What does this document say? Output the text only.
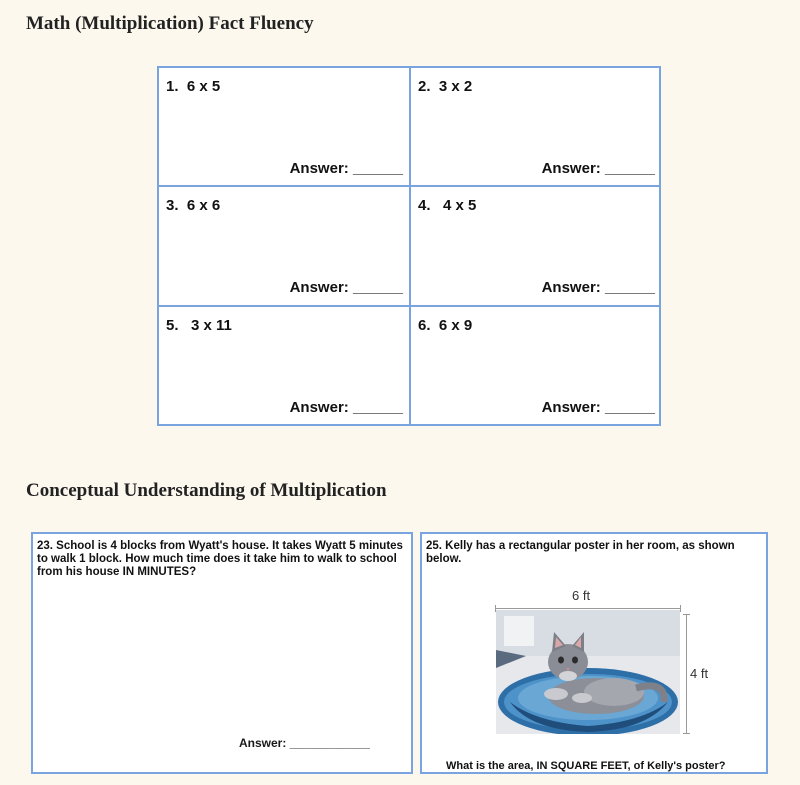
Math (Multiplication) Fact Fluency
1.  6 x 5
Answer: ______
2.  3 x 2
Answer: ______
3.  6 x 6
Answer: ______
4.   4 x 5
Answer: ______
5.   3 x 11
Answer: ______
6.  6 x 9
Answer: ______
Conceptual Understanding of Multiplication
23. School is 4 blocks from Wyatt's house. It takes Wyatt 5 minutes to walk 1 block. How much time does it take him to walk to school from his house IN MINUTES?
Answer: ____________
25. Kelly has a rectangular poster in her room, as shown below.
6 ft
4 ft
What is the area, IN SQUARE FEET, of Kelly's poster?
